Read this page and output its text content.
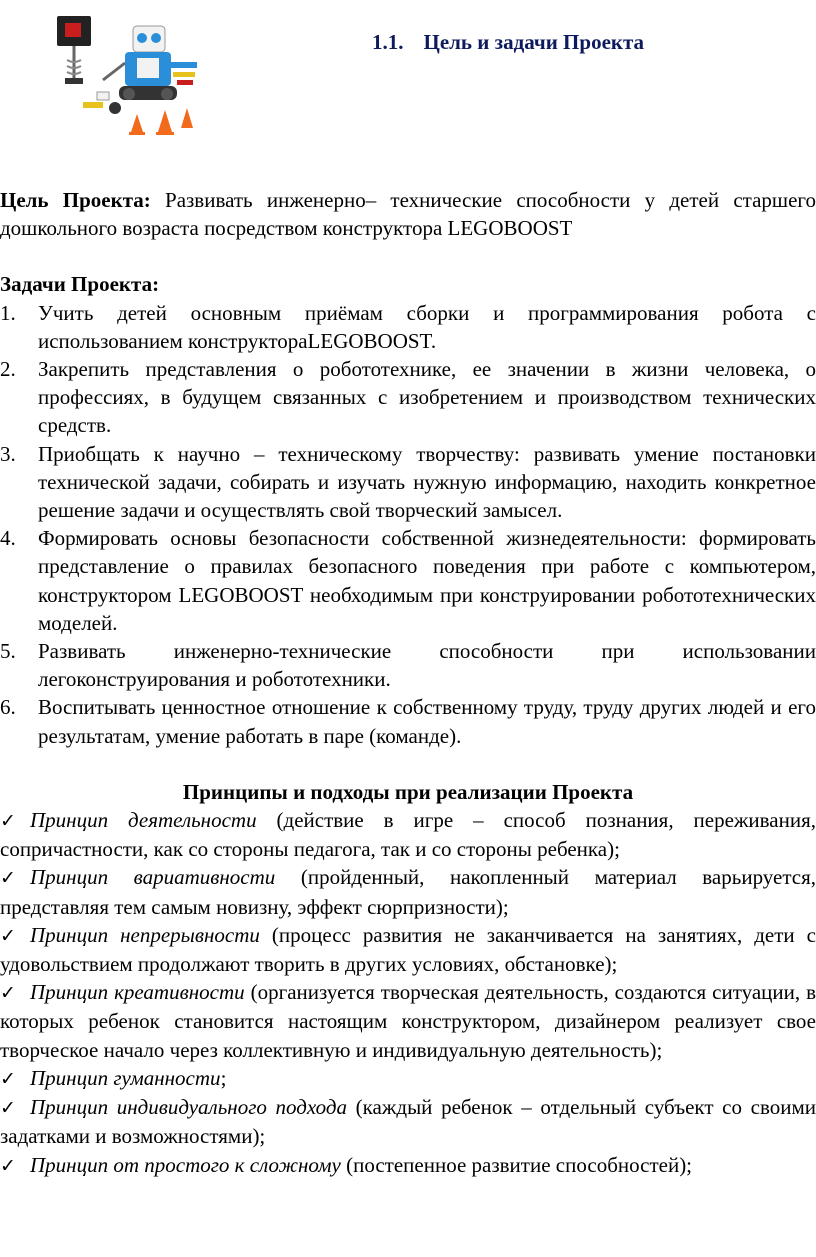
1.1. Цель и задачи Проекта

Цель Проекта: Развивать инженерно– технические способности у детей старшего дошкольного возраста посредством конструктора LEGOBOOST

Задачи Проекта:

1. Учить детей основным приёмам сборки и программирования робота с использованием конструктораLEGOBOOST.
2. Закрепить представления о робототехнике, ее значении в жизни человека, о профессиях, в будущем связанных с изобретением и производством технических средств.
3. Приобщать к научно – техническому творчеству: развивать умение постановки технической задачи, собирать и изучать нужную информацию, находить конкретное решение задачи и осуществлять свой творческий замысел.
4. Формировать основы безопасности собственной жизнедеятельности: формировать представление о правилах безопасного поведения при работе с компьютером, конструктором LEGOBOOST необходимым при конструировании робототехнических моделей.
5. Развивать инженерно-технические способности при использовании легоконструирования и робототехники.
6. Воспитывать ценностное отношение к собственному труду, труду других людей и его результатам, умение работать в паре (команде).

Принципы и подходы при реализации Проекта

✓ Принцип деятельности (действие в игре – способ познания, переживания, сопричастности, как со стороны педагога, так и со стороны ребенка);

✓ Принцип вариативности (пройденный, накопленный материал варьируется, представляя тем самым новизну, эффект сюрпризности);

✓ Принцип непрерывности (процесс развития не заканчивается на занятиях, дети с удовольствием продолжают творить в других условиях, обстановке);

✓ Принцип креативности (организуется творческая деятельность, создаются ситуации, в которых ребенок становится настоящим конструктором, дизайнером реализует свое творческое начало через коллективную и индивидуальную деятельность);

✓ Принцип гуманности;

✓ Принцип индивидуального подхода (каждый ребенок – отдельный субъект со своими задатками и возможностями);

✓ Принцип от простого к сложному (постепенное развитие способностей);
